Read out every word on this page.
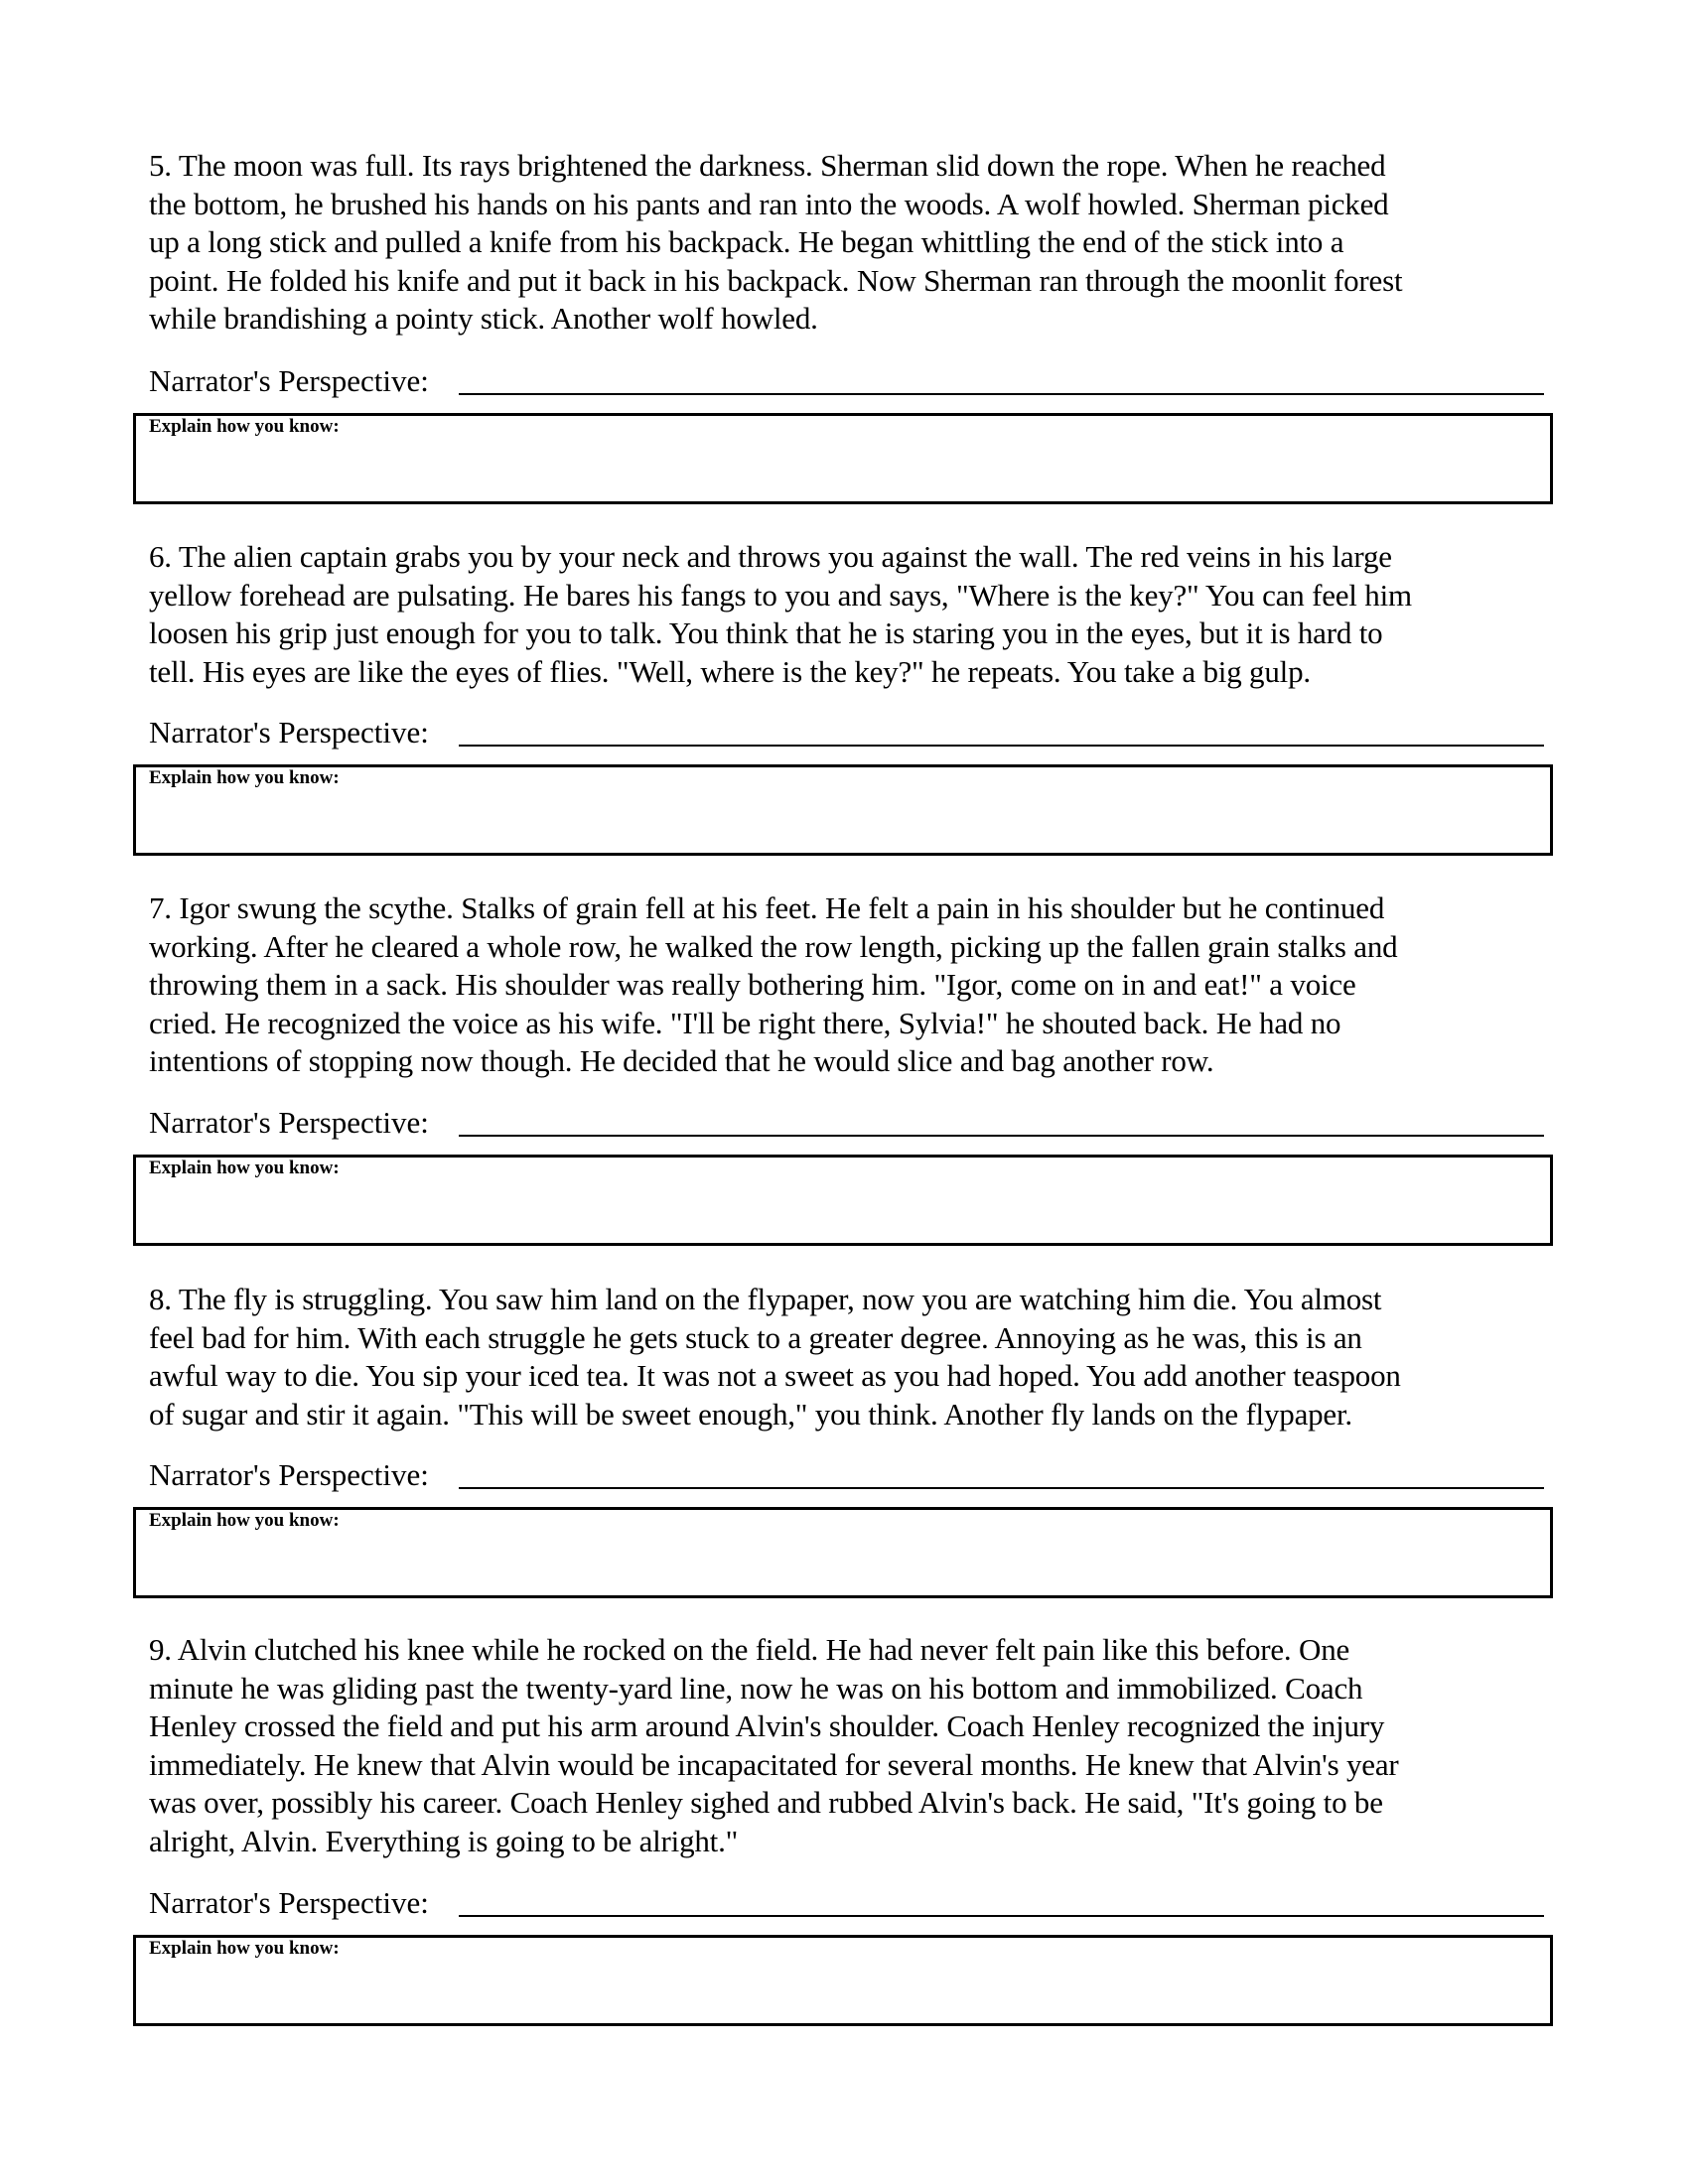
5. The moon was full. Its rays brightened the darkness. Sherman slid down the rope. When he reached
the bottom, he brushed his hands on his pants and ran into the woods. A wolf howled. Sherman picked
up a long stick and pulled a knife from his backpack. He began whittling the end of the stick into a
point. He folded his knife and put it back in his backpack. Now Sherman ran through the moonlit forest
while brandishing a pointy stick. Another wolf howled.

Narrator's Perspective:
Explain how you know:

6. The alien captain grabs you by your neck and throws you against the wall. The red veins in his large
yellow forehead are pulsating. He bares his fangs to you and says, "Where is the key?" You can feel him
loosen his grip just enough for you to talk. You think that he is staring you in the eyes, but it is hard to
tell. His eyes are like the eyes of flies. "Well, where is the key?" he repeats. You take a big gulp.

Narrator's Perspective:
Explain how you know:

7. Igor swung the scythe. Stalks of grain fell at his feet. He felt a pain in his shoulder but he continued
working. After he cleared a whole row, he walked the row length, picking up the fallen grain stalks and
throwing them in a sack. His shoulder was really bothering him. "Igor, come on in and eat!" a voice
cried. He recognized the voice as his wife. "I'll be right there, Sylvia!" he shouted back. He had no
intentions of stopping now though. He decided that he would slice and bag another row.

Narrator's Perspective:
Explain how you know:

8. The fly is struggling. You saw him land on the flypaper, now you are watching him die. You almost
feel bad for him. With each struggle he gets stuck to a greater degree. Annoying as he was, this is an
awful way to die. You sip your iced tea. It was not a sweet as you had hoped. You add another teaspoon
of sugar and stir it again. "This will be sweet enough," you think. Another fly lands on the flypaper.

Narrator's Perspective:
Explain how you know:

9. Alvin clutched his knee while he rocked on the field. He had never felt pain like this before. One
minute he was gliding past the twenty-yard line, now he was on his bottom and immobilized. Coach
Henley crossed the field and put his arm around Alvin's shoulder. Coach Henley recognized the injury
immediately. He knew that Alvin would be incapacitated for several months. He knew that Alvin's year
was over, possibly his career. Coach Henley sighed and rubbed Alvin's back. He said, "It's going to be
alright, Alvin. Everything is going to be alright."

Narrator's Perspective:
Explain how you know:
